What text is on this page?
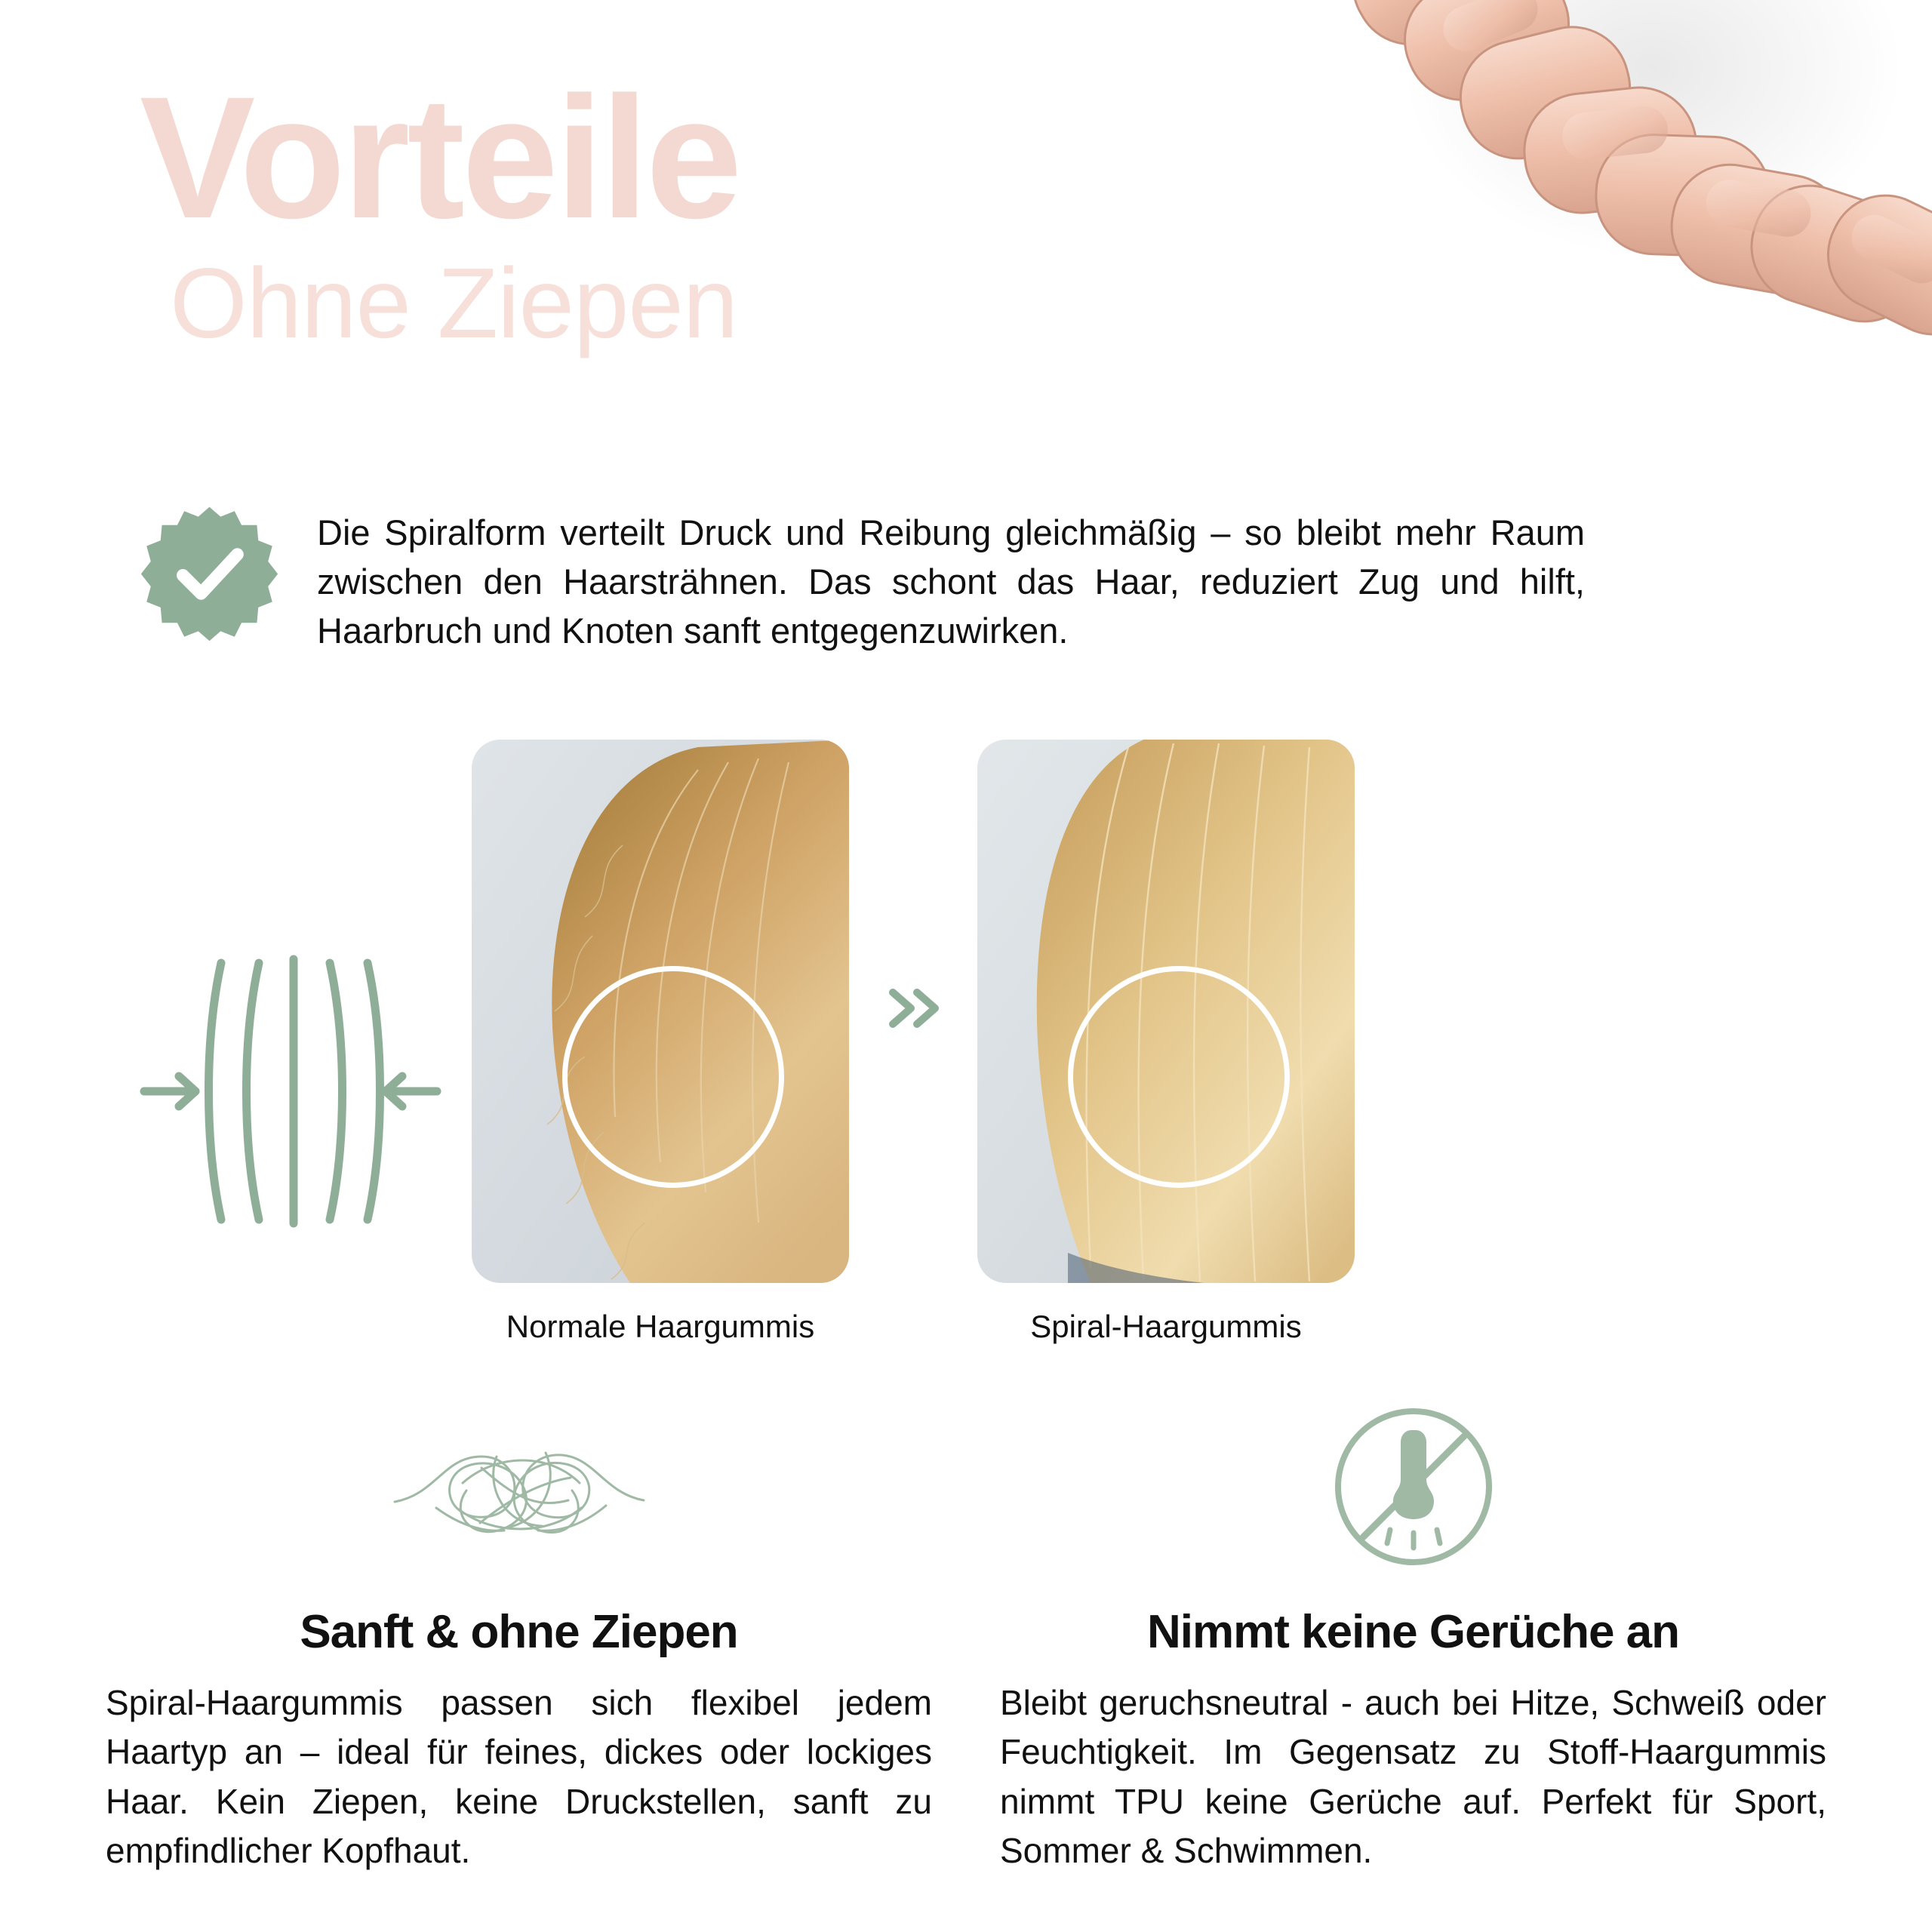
Vorteile
Ohne Ziepen
Die Spiralform verteilt Druck und Reibung gleichmäßig – so bleibt mehr Raum zwischen den Haarsträhnen. Das schont das Haar, reduziert Zug und hilft, Haarbruch und Knoten sanft entgegenzuwirken.
Normale Haargummis	Spiral-Haargummis
Sanft & ohne Ziepen
Spiral-Haargummis passen sich flexibel jedem Haartyp an – ideal für feines, dickes oder lockiges Haar. Kein Ziepen, keine Druckstellen, sanft zu empfindlicher Kopfhaut.
Nimmt keine Gerüche an
Bleibt geruchsneutral - auch bei Hitze, Schweiß oder Feuchtigkeit. Im Gegensatz zu Stoff-Haargummis nimmt TPU keine Gerüche auf. Perfekt für Sport, Sommer & Schwimmen.
